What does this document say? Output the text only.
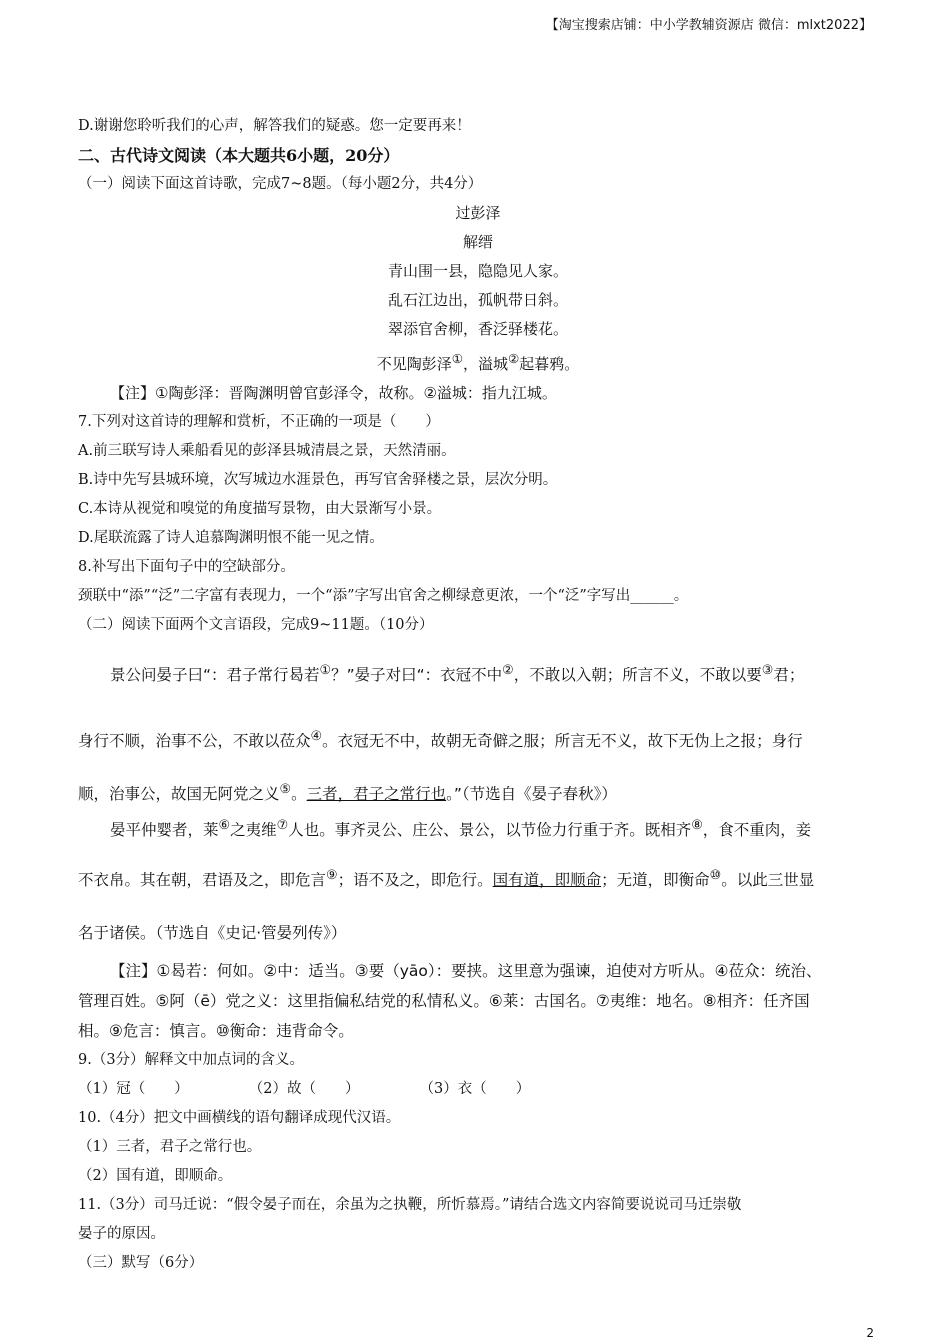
【淘宝搜索店铺：中小学教辅资源店 微信：mlxt2022】
D.谢谢您聆听我们的心声，解答我们的疑惑。您一定要再来！
二、古代诗文阅读（本大题共6小题，20分）
（一）阅读下面这首诗歌，完成7~8题。（每小题2分，共4分）
过彭泽
解缙
青山围一县，隐隐见人家。
乱石江边出，孤帆带日斜。
翠添官舍柳，香泛驿楼花。
不见陶彭泽①，溢城②起暮鸦。
【注】①陶彭泽：晋陶渊明曾官彭泽令，故称。②溢城：指九江城。
7.下列对这首诗的理解和赏析，不正确的一项是（　　）
A.前三联写诗人乘船看见的彭泽县城清晨之景，天然清丽。
B.诗中先写县城环境，次写城边水涯景色，再写官舍驿楼之景，层次分明。
C.本诗从视觉和嗅觉的角度描写景物，由大景渐写小景。
D.尾联流露了诗人追慕陶渊明恨不能一见之情。
8.补写出下面句子中的空缺部分。
颈联中“添”“泛”二字富有表现力，一个“添”字写出官舍之柳绿意更浓，一个“泛”字写出______。
（二）阅读下面两个文言语段，完成9~11题。（10分）
景公问晏子曰“：君子常行曷若①？”晏子对曰“：衣冠不中②，不敢以入朝；所言不义，不敢以要③君；
身行不顺，治事不公，不敢以莅众④。衣冠无不中，故朝无奇僻之服；所言无不义，故下无伪上之报；身行
顺，治事公，故国无阿党之义⑤。三者，君子之常行也。”（节选自《晏子春秋》）
晏平仲婴者，莱⑥之夷维⑦人也。事齐灵公、庄公、景公，以节俭力行重于齐。既相齐⑧，食不重肉，妾
不衣帛。其在朝，君语及之，即危言⑨；语不及之，即危行。国有道，即顺命；无道，即衡命⑩。以此三世显
名于诸侯。（节选自《史记·管晏列传》）
【注】①曷若：何如。②中：适当。③要（yāo）：要挟。这里意为强谏，迫使对方听从。④莅众：统治、
管理百姓。⑤阿（ē）党之义：这里指偏私结党的私情私义。⑥莱：古国名。⑦夷维：地名。⑧相齐：任齐国
相。⑨危言：慎言。⑩衡命：违背命令。
9.（3分）解释文中加点词的含义。
（1）冠（　　）	（2）故（　　）	（3）衣（　　）
10.（4分）把文中画横线的语句翻译成现代汉语。
（1）三者，君子之常行也。
（2）国有道，即顺命。
11.（3分）司马迁说：“假令晏子而在，余虽为之执鞭，所忻慕焉。”请结合选文内容简要说说司马迁崇敬
晏子的原因。
（三）默写（6分）
2
